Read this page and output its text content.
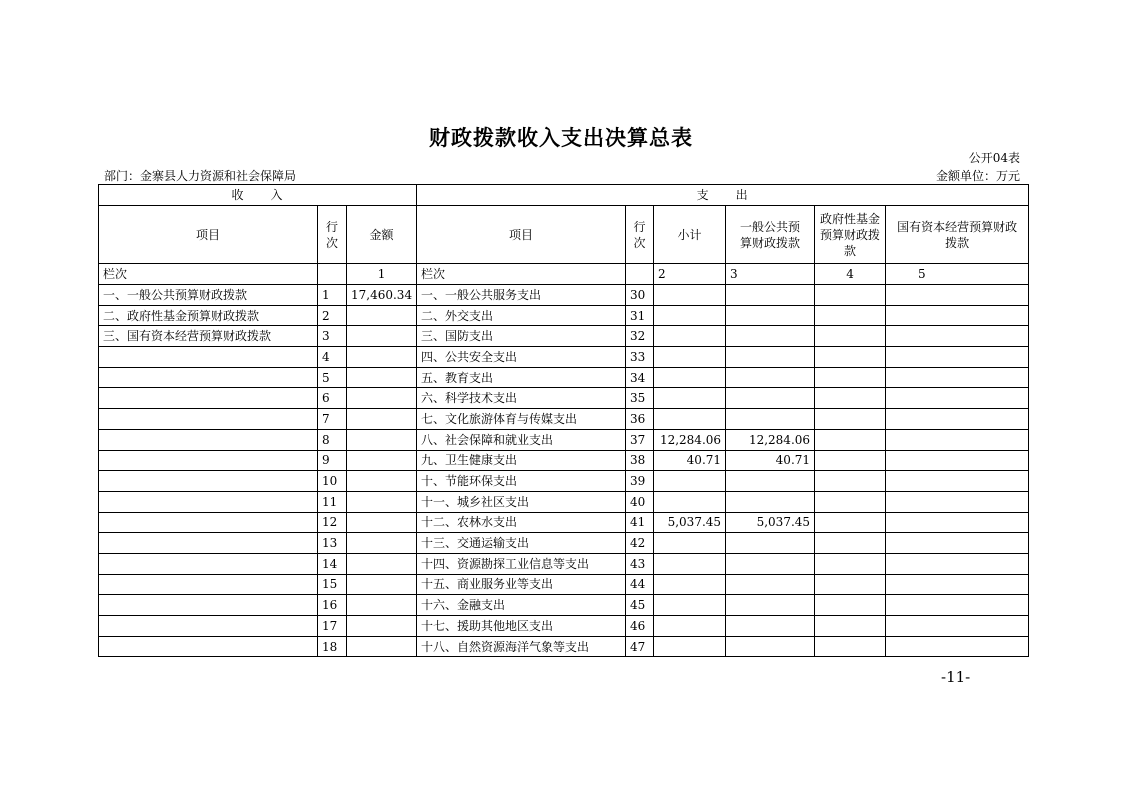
财政拨款收入支出决算总表
公开04表
部门：金寨县人力资源和社会保障局	金额单位：万元
收　　入			支　　出					
项目	行次	金额	项目	行次	小计	一般公共预算财政拨款	政府性基金预算财政拨款	国有资本经营预算财政拨款
栏次		1	栏次		2	3	4	5
一、一般公共预算财政拨款	1	17,460.34	一、一般公共服务支出	30				
二、政府性基金预算财政拨款	2		二、外交支出	31				
三、国有资本经营预算财政拨款	3		三、国防支出	32				
	4		四、公共安全支出	33				
	5		五、教育支出	34				
	6		六、科学技术支出	35				
	7		七、文化旅游体育与传媒支出	36				
	8		八、社会保障和就业支出	37	12,284.06	12,284.06		
	9		九、卫生健康支出	38	40.71	40.71		
	10		十、节能环保支出	39				
	11		十一、城乡社区支出	40				
	12		十二、农林水支出	41	5,037.45	5,037.45		
	13		十三、交通运输支出	42				
	14		十四、资源勘探工业信息等支出	43				
	15		十五、商业服务业等支出	44				
	16		十六、金融支出	45				
	17		十七、援助其他地区支出	46				
	18		十八、自然资源海洋气象等支出	47				
-11-
